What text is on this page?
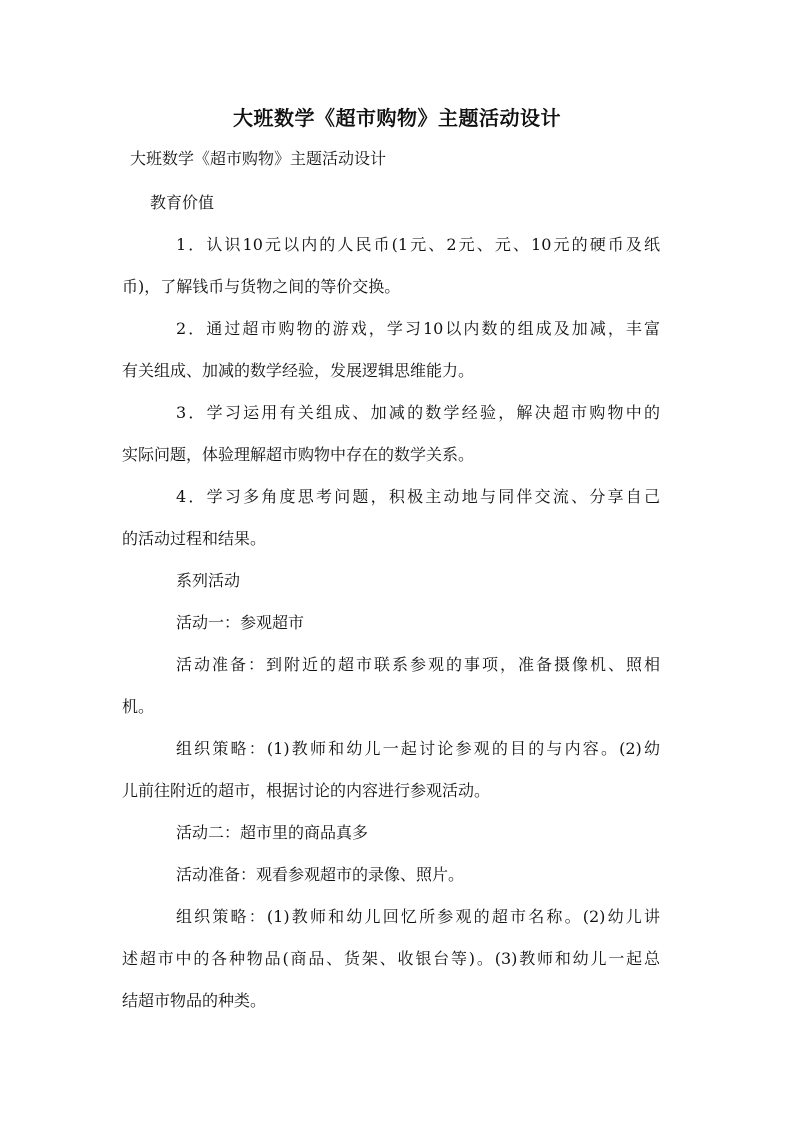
大班数学《超市购物》主题活动设计
大班数学《超市购物》主题活动设计
教育价值
1．认识10元以内的人民币(1元、2元、元、10元的硬币及纸
币)，了解钱币与货物之间的等价交换。
2．通过超市购物的游戏，学习10以内数的组成及加减，丰富
有关组成、加减的数学经验，发展逻辑思维能力。
3．学习运用有关组成、加减的数学经验，解决超市购物中的
实际问题，体验理解超市购物中存在的数学关系。
4．学习多角度思考问题，积极主动地与同伴交流、分享自己
的活动过程和结果。
系列活动
活动一：参观超市
活动准备：到附近的超市联系参观的事项，准备摄像机、照相
机。
组织策略：(1)教师和幼儿一起讨论参观的目的与内容。(2)幼
儿前往附近的超市，根据讨论的内容进行参观活动。
活动二：超市里的商品真多
活动准备：观看参观超市的录像、照片。
组织策略：(1)教师和幼儿回忆所参观的超市名称。(2)幼儿讲
述超市中的各种物品(商品、货架、收银台等)。(3)教师和幼儿一起总
结超市物品的种类。
